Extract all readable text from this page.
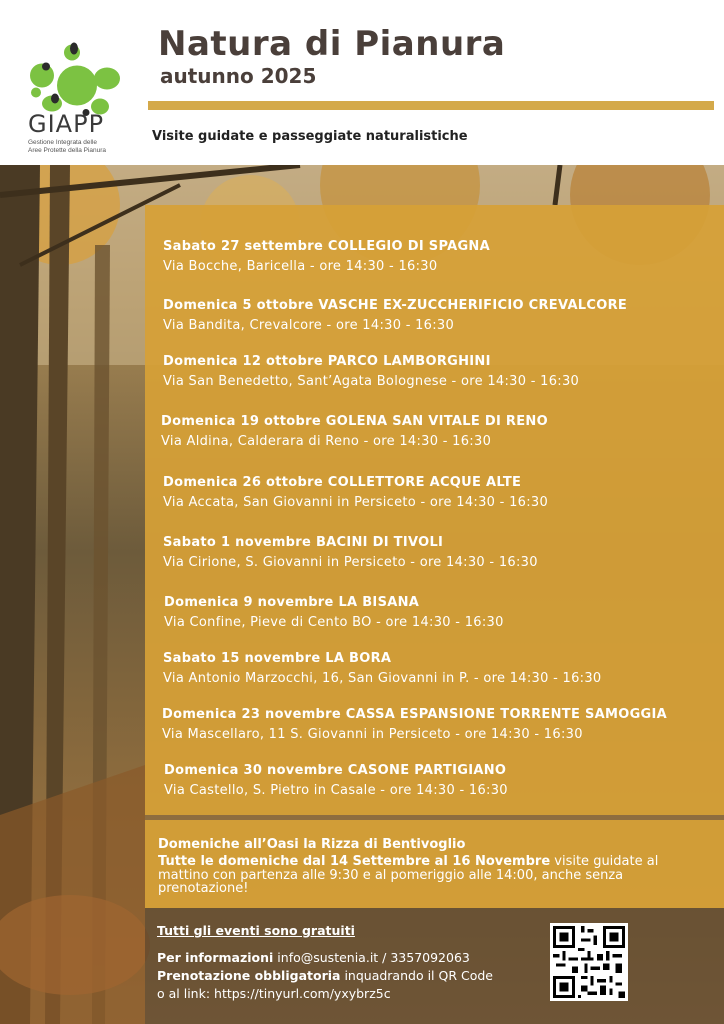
GIAPP
Gestione Integrata delle
Aree Protette della Pianura
Natura di Pianura
autunno 2025
Visite guidate e passeggiate naturalistiche
Sabato 27 settembre COLLEGIO DI SPAGNA
Via Bocche, Baricella - ore 14:30 - 16:30
Domenica 5 ottobre VASCHE EX-ZUCCHERIFICIO CREVALCORE
Via Bandita, Crevalcore - ore 14:30 - 16:30
Domenica 12 ottobre PARCO LAMBORGHINI
Via San Benedetto, Sant’Agata Bolognese - ore 14:30 - 16:30
Domenica 19 ottobre GOLENA SAN VITALE DI RENO
Via Aldina, Calderara di Reno - ore 14:30 - 16:30
Domenica 26 ottobre COLLETTORE ACQUE ALTE
Via Accata, San Giovanni in Persiceto - ore 14:30 - 16:30
Sabato 1 novembre BACINI DI TIVOLI
Via Cirione, S. Giovanni in Persiceto - ore 14:30 - 16:30
Domenica 9 novembre LA BISANA
Via Confine, Pieve di Cento BO - ore 14:30 - 16:30
Sabato 15 novembre LA BORA
Via Antonio Marzocchi, 16, San Giovanni in P. - ore 14:30 - 16:30
Domenica 23 novembre CASSA ESPANSIONE TORRENTE SAMOGGIA
Via Mascellaro, 11 S. Giovanni in Persiceto - ore 14:30 - 16:30
Domenica 30 novembre CASONE PARTIGIANO
Via Castello, S. Pietro in Casale - ore 14:30 - 16:30
Domeniche all’Oasi la Rizza di Bentivoglio
Tutte le domeniche dal 14 Settembre al 16 Novembre visite guidate al mattino con partenza alle 9:30 e al pomeriggio alle 14:00, anche senza prenotazione!
Tutti gli eventi sono gratuiti
Per informazioni info@sustenia.it / 3357092063
Prenotazione obbligatoria inquadrando il QR Code
o al link: https://tinyurl.com/yxybrz5c
